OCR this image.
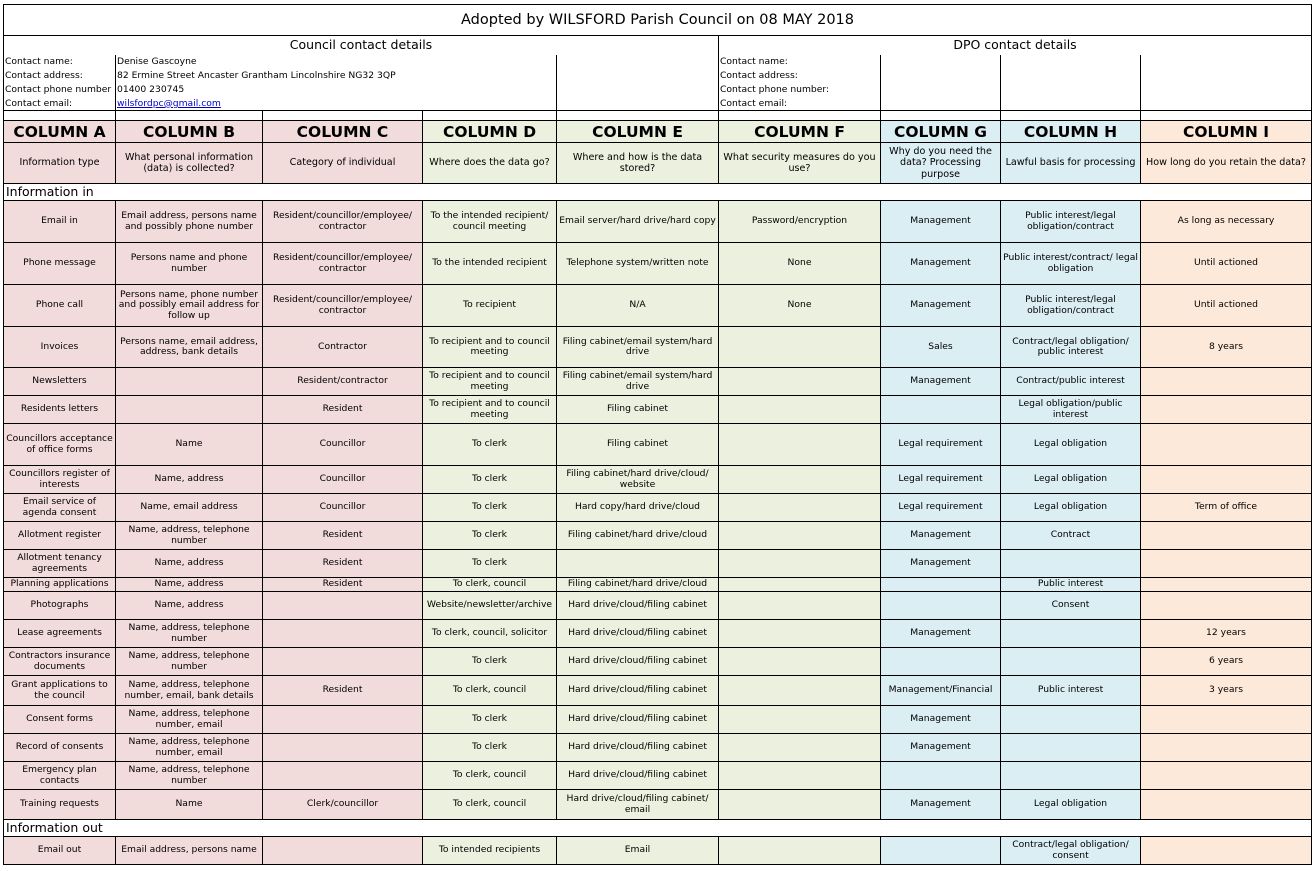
Adopted by WILSFORD Parish Council on 08 MAY 2018								
Council contact details					DPO contact details			
Contact name:	Denise Gascoyne				Contact name:			
Contact address:	82 Ermine Street Ancaster Grantham Lincolnshire NG32 3QP				Contact address:			
Contact phone number	01400 230745				Contact phone number:			
Contact email:	wilsfordpc@gmail.com				Contact email:			

COLUMN A	COLUMN B	COLUMN C	COLUMN D	COLUMN E	COLUMN F	COLUMN G	COLUMN H	COLUMN I
Information type	What personal information (data) is collected?	Category of individual	Where does the data go?	Where and how is the data stored?	What security measures do you use?	Why do you need the data? Processing purpose	Lawful basis for processing	How long do you retain the data?
Information in								
Email in	Email address, persons name and possibly phone number	Resident/councillor/employee/ contractor	To the intended recipient/ council meeting	Email server/hard drive/hard copy	Password/encryption	Management	Public interest/legal obligation/contract	As long as necessary
Phone message	Persons name and phone number	Resident/councillor/employee/ contractor	To the intended recipient	Telephone system/written note	None	Management	Public interest/contract/ legal obligation	Until actioned
Phone call	Persons name, phone number and possibly email address for follow up	Resident/councillor/employee/ contractor	To recipient	N/A	None	Management	Public interest/legal obligation/contract	Until actioned
Invoices	Persons name, email address, address, bank details	Contractor	To recipient and to council meeting	Filing cabinet/email system/hard drive		Sales	Contract/legal obligation/ public interest	8 years
Newsletters		Resident/contractor	To recipient and to council meeting	Filing cabinet/email system/hard drive		Management	Contract/public interest	
Residents letters		Resident	To recipient and to council meeting	Filing cabinet			Legal obligation/public interest	
Councillors acceptance of office forms	Name	Councillor	To clerk	Filing cabinet		Legal requirement	Legal obligation	
Councillors register of interests	Name, address	Councillor	To clerk	Filing cabinet/hard drive/cloud/ website		Legal requirement	Legal obligation	
Email service of agenda consent	Name, email address	Councillor	To clerk	Hard copy/hard drive/cloud		Legal requirement	Legal obligation	Term of office
Allotment register	Name, address, telephone number	Resident	To clerk	Filing cabinet/hard drive/cloud		Management	Contract	
Allotment tenancy agreements	Name, address	Resident	To clerk			Management		
Planning applications	Name, address	Resident	To clerk, council	Filing cabinet/hard drive/cloud			Public interest	
Photographs	Name, address		Website/newsletter/archive	Hard drive/cloud/filing cabinet			Consent	
Lease agreements	Name, address, telephone number		To clerk, council, solicitor	Hard drive/cloud/filing cabinet		Management		12 years
Contractors insurance documents	Name, address, telephone number		To clerk	Hard drive/cloud/filing cabinet				6 years
Grant applications to the council	Name, address, telephone number, email, bank details	Resident	To clerk, council	Hard drive/cloud/filing cabinet		Management/Financial	Public interest	3 years
Consent forms	Name, address, telephone number, email		To clerk	Hard drive/cloud/filing cabinet		Management		
Record of consents	Name, address, telephone number, email		To clerk	Hard drive/cloud/filing cabinet		Management		
Emergency plan contacts	Name, address, telephone number		To clerk, council	Hard drive/cloud/filing cabinet				
Training requests	Name	Clerk/councillor	To clerk, council	Hard drive/cloud/filing cabinet/ email		Management	Legal obligation	
Information out								
Email out	Email address, persons name		To intended recipients	Email			Contract/legal obligation/ consent	
